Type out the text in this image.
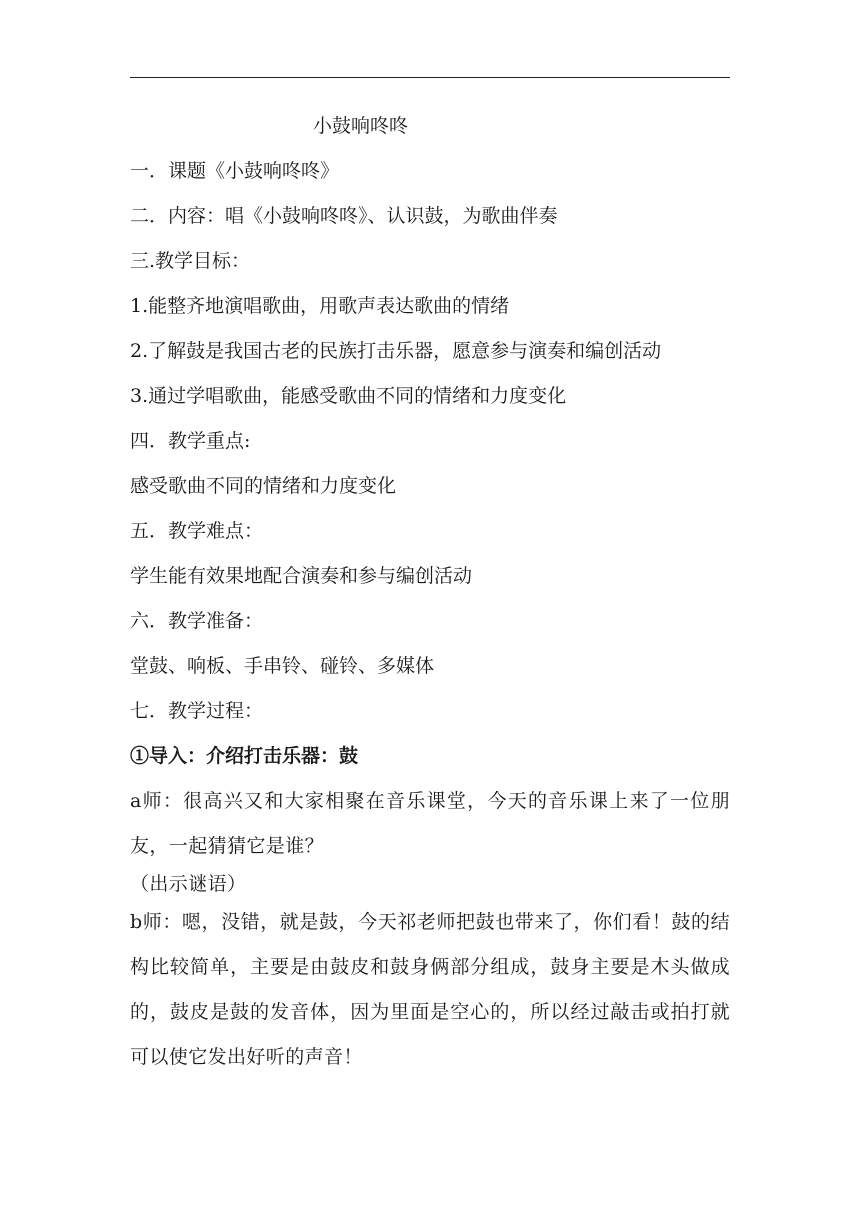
小鼓响咚咚
一．课题《小鼓响咚咚》
二．内容：唱《小鼓响咚咚》、认识鼓，为歌曲伴奏
三.教学目标：
1.能整齐地演唱歌曲，用歌声表达歌曲的情绪
2.了解鼓是我国古老的民族打击乐器，愿意参与演奏和编创活动
3.通过学唱歌曲，能感受歌曲不同的情绪和力度变化
四．教学重点:
感受歌曲不同的情绪和力度变化
五．教学难点：
学生能有效果地配合演奏和参与编创活动
六．教学准备：
堂鼓、响板、手串铃、碰铃、多媒体
七．教学过程：
①导入：介绍打击乐器：鼓
a师：很高兴又和大家相聚在音乐课堂，今天的音乐课上来了一位朋友，一起猜猜它是谁？
（出示谜语）
b师：嗯，没错，就是鼓，今天祁老师把鼓也带来了，你们看！鼓的结构比较简单，主要是由鼓皮和鼓身俩部分组成，鼓身主要是木头做成的，鼓皮是鼓的发音体，因为里面是空心的，所以经过敲击或拍打就可以使它发出好听的声音！
